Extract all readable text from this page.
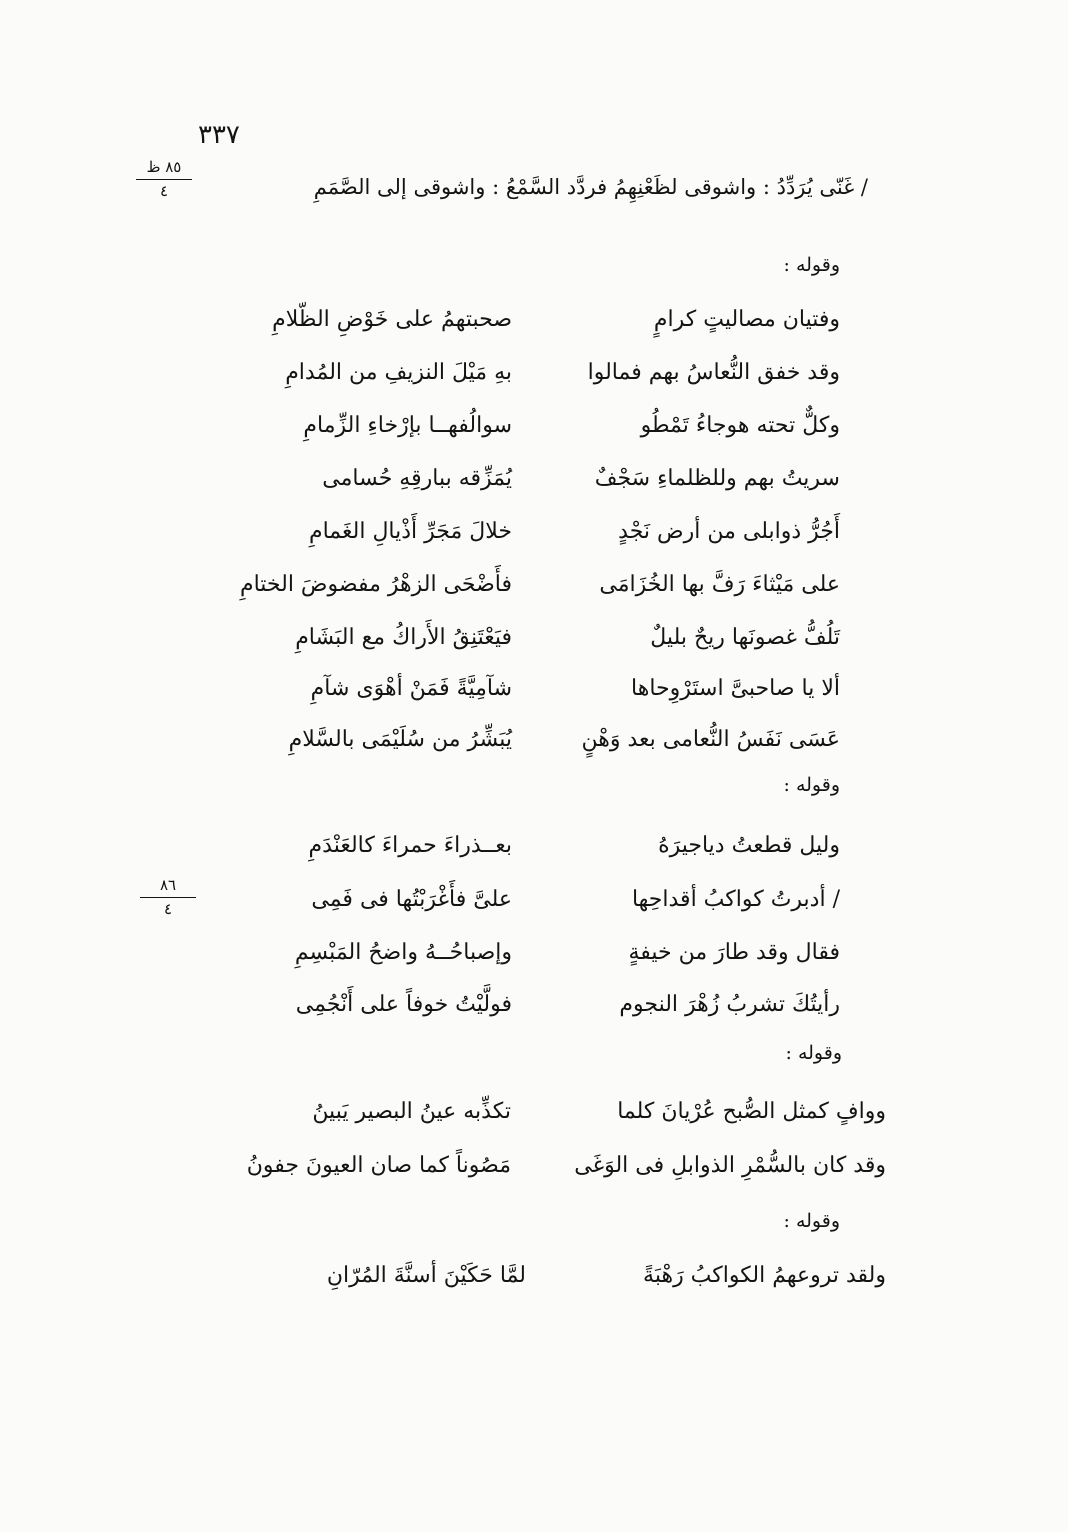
٣٣٧
٨٥ ظ
٤
٨٦
٤
/ غَنّى يُرَدِّدُ : واشوقى لظَعْنِهِمُ فردَّد السَّمْعُ : واشوقى إلى الصَّمَمِ
وقوله :
وفتيان مصاليتٍ كرامٍ
صحبتهمُ على خَوْضِ الظّلامِ
وقد خفق النُّعاسُ بهم فمالوا
بهِ مَيْلَ النزيفِ من المُدامِ
وكلٌّ تحته هوجاءُ تَمْطُو
سوالُفهــا بإرْخاءِ الزِّمامِ
سريتُ بهم وللظلماءِ سَجْفٌ
يُمَزِّقه ببارقِهِ حُسامى
أَجُرُّ ذوابلى من أرض نَجْدٍ
خلالَ مَجَرِّ أَذْيالِ الغَمامِ
على مَيْثاءَ رَفَّ بها الخُزَامَى
فأَضْحَى الزهْرُ مفضوضَ الختامِ
تَلُفُّ غصونَها ريحٌ بليلٌ
فيَعْتَنِقُ الأَراكُ مع البَشَامِ
ألا يا صاحبىَّ استَرْوِحاها
شآمِيَّةً فَمَنْ أهْوَى شآمِ
عَسَى نَفَسُ النُّعامى بعد وَهْنٍ
يُبَشِّرُ من سُلَيْمَى بالسَّلامِ
وقوله :
وليل قطعتُ دياجيرَهُ
بعــذراءَ حمراءَ كالعَنْدَمِ
/ أدبرتُ كواكبُ أقداحِها
علىَّ فأَغْرَبْتُها فى فَمِى
فقال وقد طارَ من خيفةٍ
وإصباحُــهُ واضحُ المَبْسِمِ
رأيتُكَ تشربُ زُهْرَ النجوم
فولَّيْتُ خوفاً على أَنْجُمِى
وقوله :
ووافٍ كمثل الصُّبح عُرْيانَ كلما
تكذِّبه عينُ البصير يَبينُ
وقد كان بالسُّمْرِ الذوابلِ فى الوَغَى
مَصُوناً كما صان العيونَ جفونُ
وقوله :
ولقد تروعهمُ الكواكبُ رَهْبَةً
لمَّا حَكَيْنَ أسنَّةَ المُرّانِ
